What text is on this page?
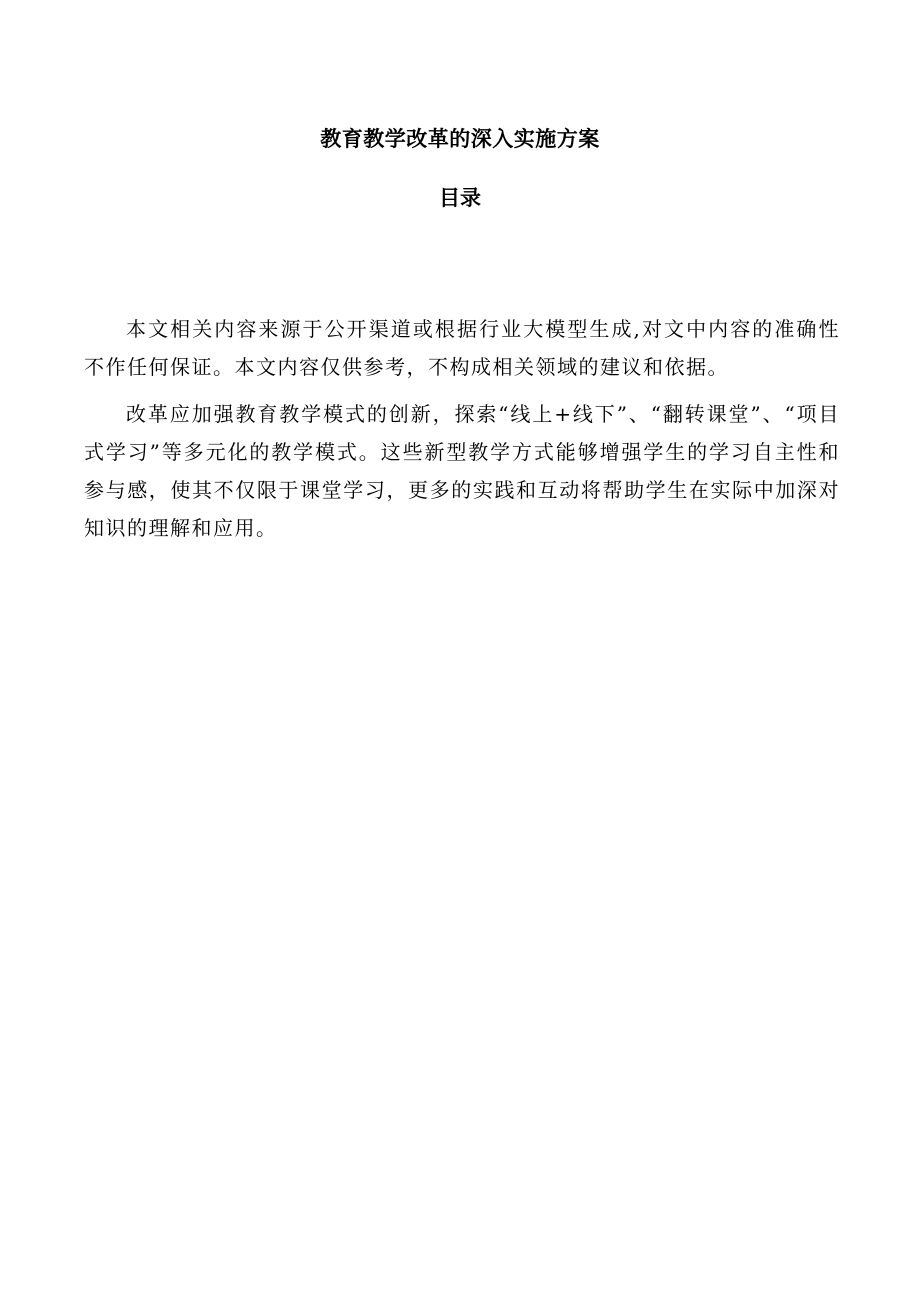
教育教学改革的深入实施方案
目录

本文相关内容来源于公开渠道或根据行业大模型生成,对文中内容的准确性不作任何保证。本文内容仅供参考，不构成相关领域的建议和依据。

改革应加强教育教学模式的创新，探索“线上+线下”、“翻转课堂”、“项目式学习”等多元化的教学模式。这些新型教学方式能够增强学生的学习自主性和参与感，使其不仅限于课堂学习，更多的实践和互动将帮助学生在实际中加深对知识的理解和应用。
